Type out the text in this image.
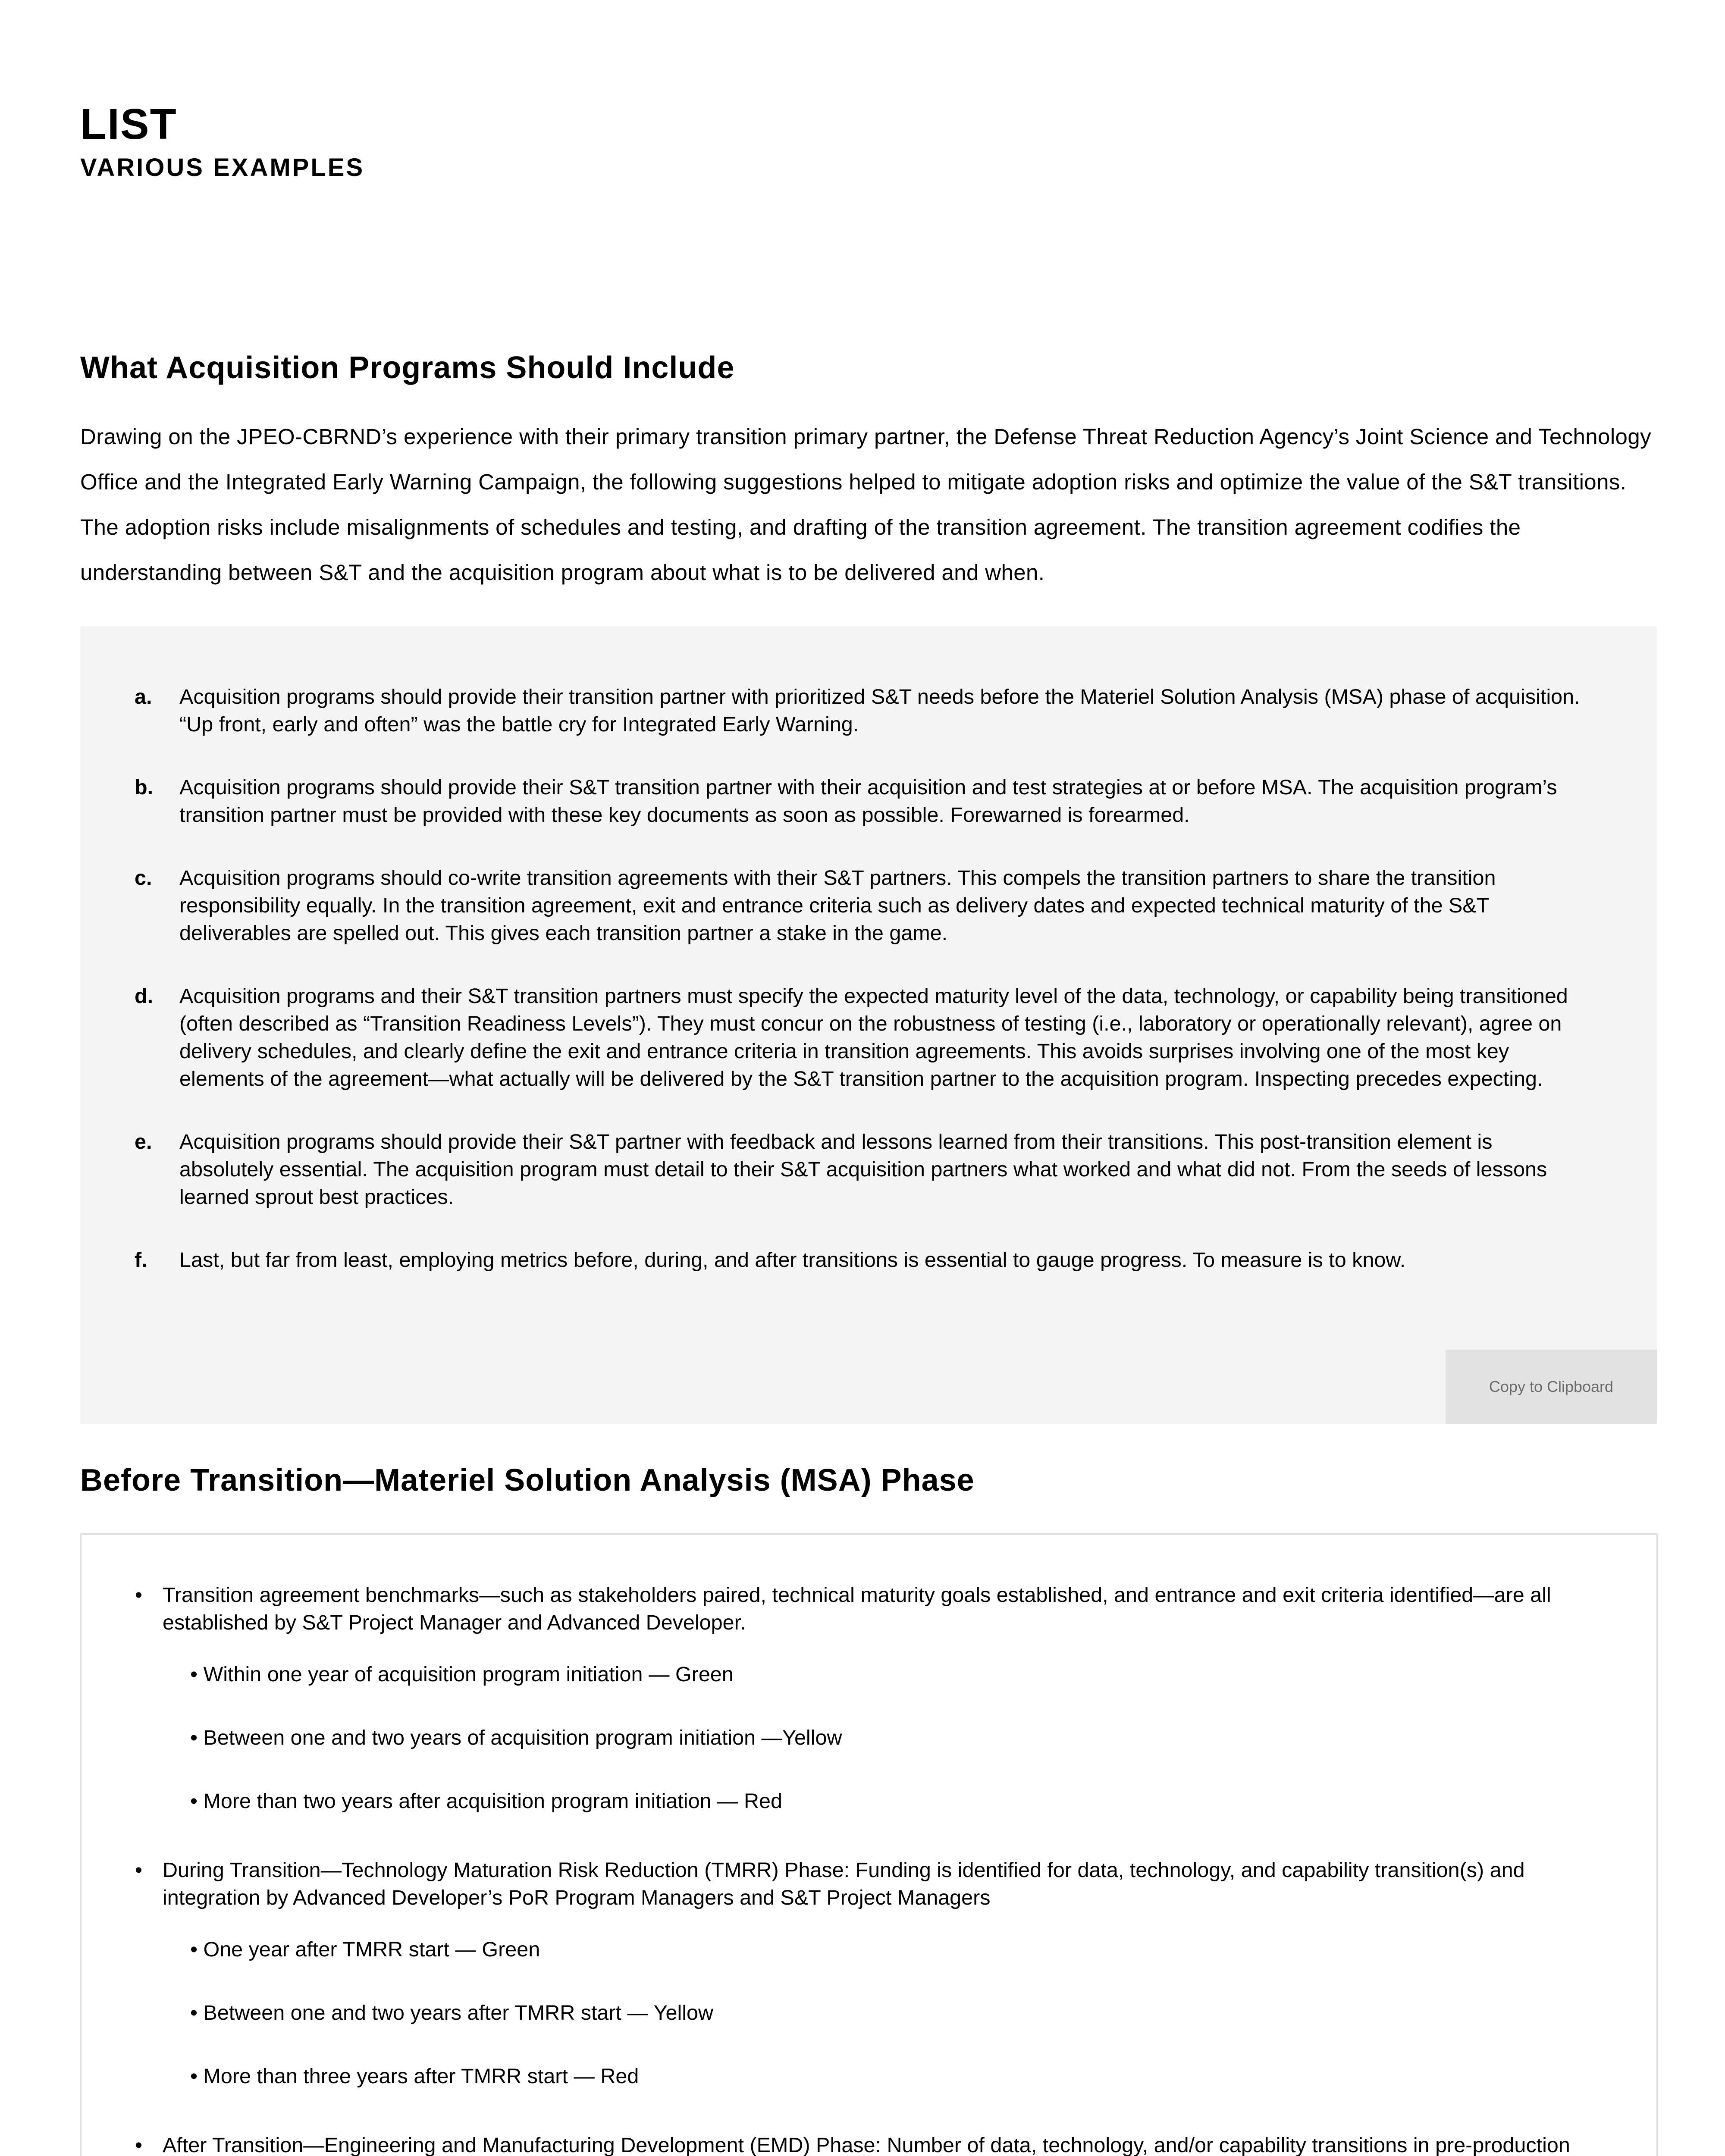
LIST
VARIOUS EXAMPLES
What Acquisition Programs Should Include

Drawing on the JPEO-CBRND’s experience with their primary transition primary partner, the Defense Threat Reduction Agency’s Joint Science and Technology Office and the Integrated Early Warning Campaign, the following suggestions helped to mitigate adoption risks and optimize the value of the S&T transitions. The adoption risks include misalignments of schedules and testing, and drafting of the transition agreement. The transition agreement codifies the understanding between S&T and the acquisition program about what is to be delivered and when.

a. Acquisition programs should provide their transition partner with prioritized S&T needs before the Materiel Solution Analysis (MSA) phase of acquisition. “Up front, early and often” was the battle cry for Integrated Early Warning.
b. Acquisition programs should provide their S&T transition partner with their acquisition and test strategies at or before MSA. The acquisition program’s transition partner must be provided with these key documents as soon as possible. Forewarned is forearmed.
c. Acquisition programs should co-write transition agreements with their S&T partners. This compels the transition partners to share the transition responsibility equally. In the transition agreement, exit and entrance criteria such as delivery dates and expected technical maturity of the S&T deliverables are spelled out. This gives each transition partner a stake in the game.
d. Acquisition programs and their S&T transition partners must specify the expected maturity level of the data, technology, or capability being transitioned (often described as “Transition Readiness Levels”). They must concur on the robustness of testing (i.e., laboratory or operationally relevant), agree on delivery schedules, and clearly define the exit and entrance criteria in transition agreements. This avoids surprises involving one of the most key elements of the agreement—what actually will be delivered by the S&T transition partner to the acquisition program. Inspecting precedes expecting.
e. Acquisition programs should provide their S&T partner with feedback and lessons learned from their transitions. This post-transition element is absolutely essential. The acquisition program must detail to their S&T acquisition partners what worked and what did not. From the seeds of lessons learned sprout best practices.
f. Last, but far from least, employing metrics before, during, and after transitions is essential to gauge progress. To measure is to know.
Copy to Clipboard
Before Transition—Materiel Solution Analysis (MSA) Phase
• Transition agreement benchmarks—such as stakeholders paired, technical maturity goals established, and entrance and exit criteria identified—are all established by S&T Project Manager and Advanced Developer.
• Within one year of acquisition program initiation — Green
• Between one and two years of acquisition program initiation —Yellow
• More than two years after acquisition program initiation — Red
• During Transition—Technology Maturation Risk Reduction (TMRR) Phase: Funding is identified for data, technology, and capability transition(s) and integration by Advanced Developer’s PoR Program Managers and S&T Project Managers
• One year after TMRR start — Green
• Between one and two years after TMRR start — Yellow
• More than three years after TMRR start — Red
• After Transition—Engineering and Manufacturing Development (EMD) Phase: Number of data, technology, and/or capability transitions in pre-production
